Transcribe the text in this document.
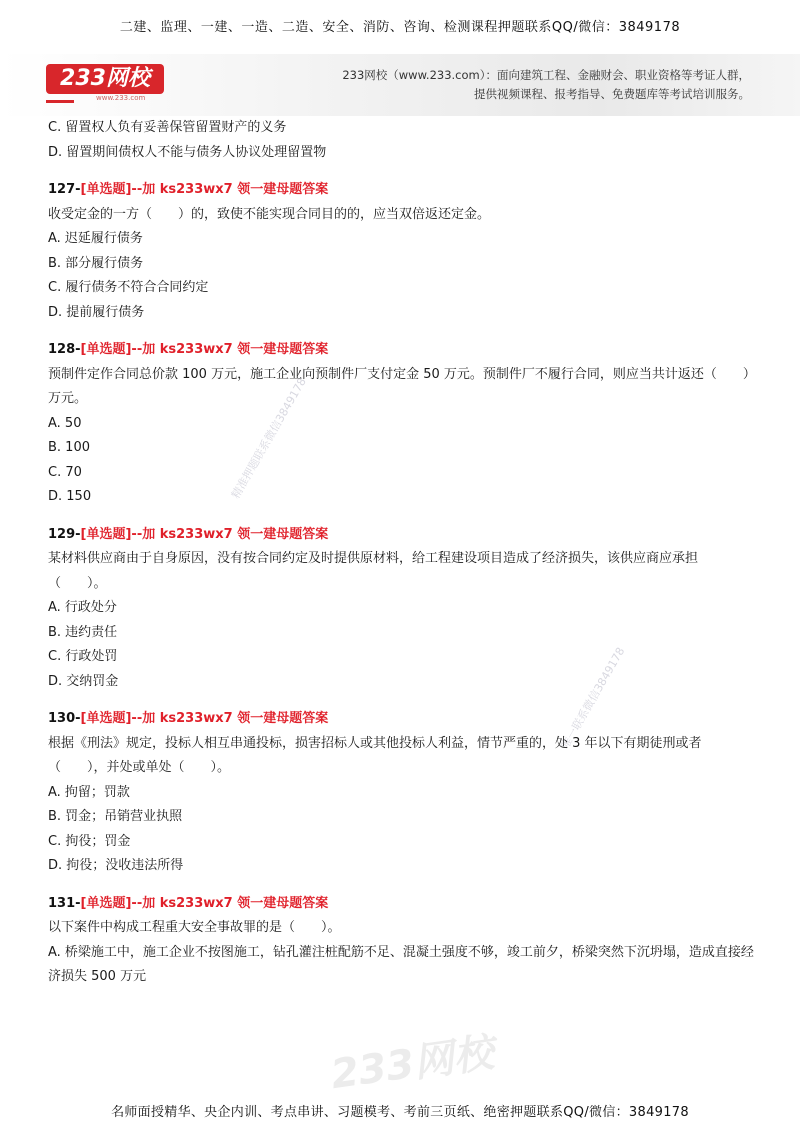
二建、监理、一建、一造、二造、安全、消防、咨询、检测课程押题联系QQ/微信：3849178
233网校
www.233.com
233网校（www.233.com）：面向建筑工程、金融财会、职业资格等考证人群，
提供视频课程、报考指导、免费题库等考试培训服务。
精准押题联系微信3849178
唯一联系微信3849178
C. 留置权人负有妥善保管留置财产的义务
D. 留置期间债权人不能与债务人协议处理留置物
127-[单选题]--加 ks233wx7 领一建母题答案
收受定金的一方（　　）的，致使不能实现合同目的的，应当双倍返还定金。
A. 迟延履行债务
B. 部分履行债务
C. 履行债务不符合合同约定
D. 提前履行债务
128-[单选题]--加 ks233wx7 领一建母题答案
预制件定作合同总价款 100 万元，施工企业向预制件厂支付定金 50 万元。预制件厂不履行合同，则应当共计返还（　　）万元。
A. 50
B. 100
C. 70
D. 150
129-[单选题]--加 ks233wx7 领一建母题答案
某材料供应商由于自身原因，没有按合同约定及时提供原材料，给工程建设项目造成了经济损失，该供应商应承担（　　）。
A. 行政处分
B. 违约责任
C. 行政处罚
D. 交纳罚金
130-[单选题]--加 ks233wx7 领一建母题答案
根据《刑法》规定，投标人相互串通投标，损害招标人或其他投标人利益，情节严重的，处 3 年以下有期徒刑或者（　　），并处或单处（　　）。
A. 拘留；罚款
B. 罚金；吊销营业执照
C. 拘役；罚金
D. 拘役；没收违法所得
131-[单选题]--加 ks233wx7 领一建母题答案
以下案件中构成工程重大安全事故罪的是（　　）。
A. 桥梁施工中，施工企业不按图施工，钻孔灌注桩配筋不足、混凝土强度不够，竣工前夕，桥梁突然下沉坍塌，造成直接经济损失 500 万元
233网校
名师面授精华、央企内训、考点串讲、习题模考、考前三页纸、绝密押题联系QQ/微信：3849178
